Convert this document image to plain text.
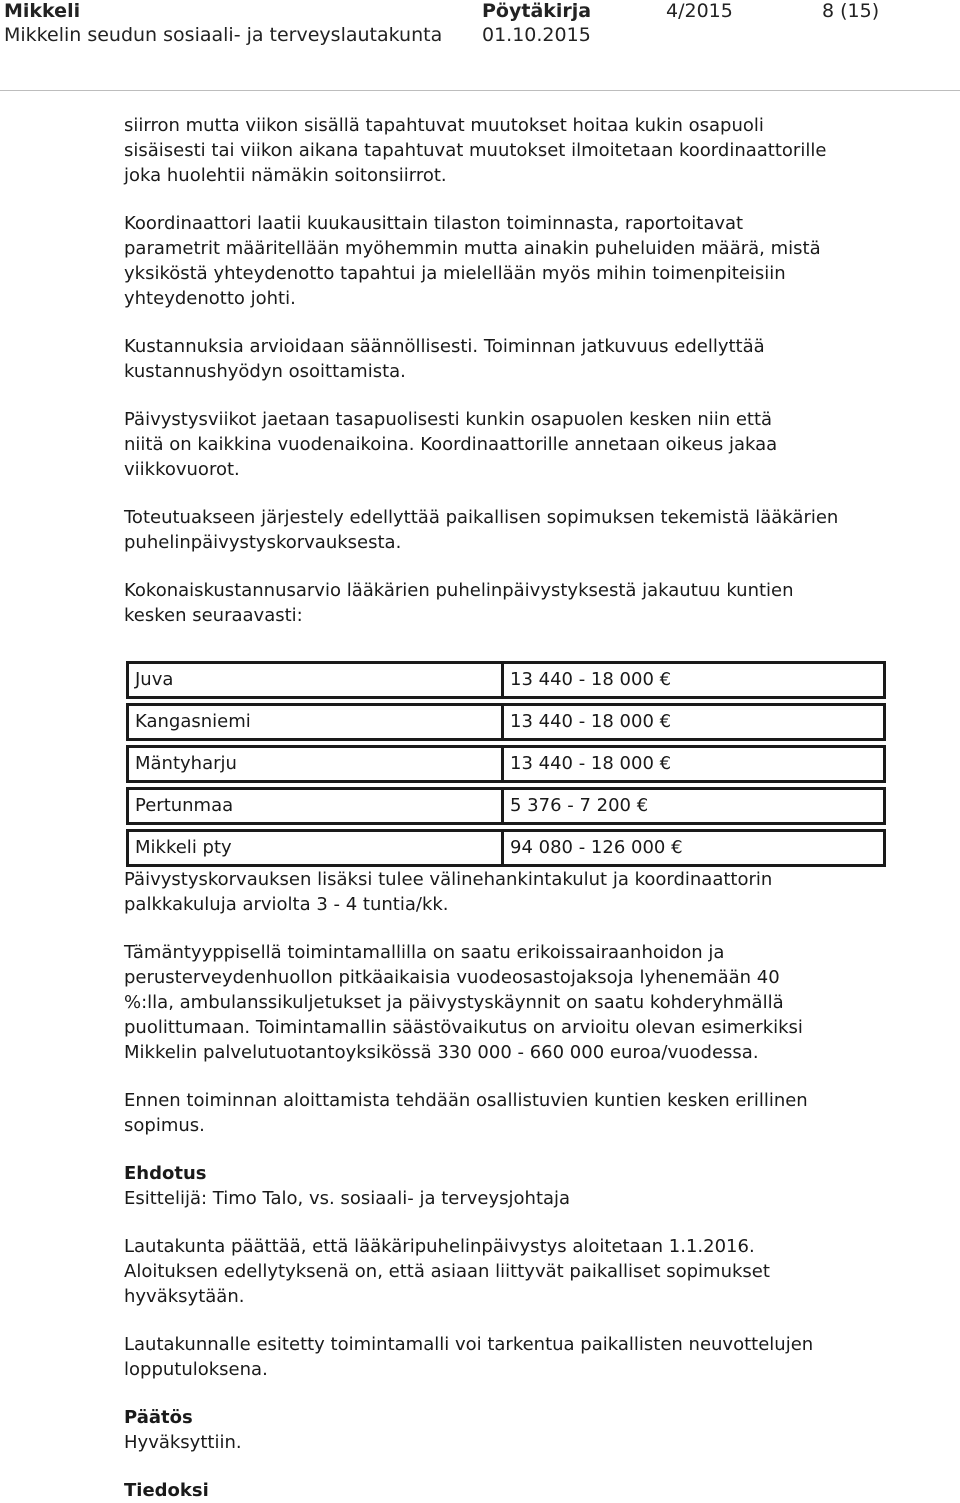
Mikkeli
Mikkelin seudun sosiaali- ja terveyslautakunta
Pöytäkirja
01.10.2015
4/2015	8 (15)

siirron mutta viikon sisällä tapahtuvat muutokset hoitaa kukin osapuoli
sisäisesti tai viikon aikana tapahtuvat muutokset ilmoitetaan koordinaattorille
joka huolehtii nämäkin soitonsiirrot.

Koordinaattori laatii kuukausittain tilaston toiminnasta, raportoitavat
parametrit määritellään myöhemmin mutta ainakin puheluiden määrä, mistä
yksiköstä yhteydenotto tapahtui ja mielellään myös mihin toimenpiteisiin
yhteydenotto johti.

Kustannuksia arvioidaan säännöllisesti. Toiminnan jatkuvuus edellyttää
kustannushyödyn osoittamista.

Päivystysviikot jaetaan tasapuolisesti kunkin osapuolen kesken niin että
niitä on kaikkina vuodenaikoina. Koordinaattorille annetaan oikeus jakaa
viikkovuorot.

Toteutuakseen järjestely edellyttää paikallisen sopimuksen tekemistä lääkärien
puhelinpäivystyskorvauksesta.

Kokonaiskustannusarvio lääkärien puhelinpäivystyksestä jakautuu kuntien
kesken seuraavasti:

Juva	13 440 - 18 000 €

Kangasniemi	13 440 - 18 000 €

Mäntyharju	13 440 - 18 000 €

Pertunmaa	5 376 - 7 200 €

Mikkeli pty	94 080 - 126 000 €

Päivystyskorvauksen lisäksi tulee välinehankintakulut ja koordinaattorin
palkkakuluja arviolta 3 - 4 tuntia/kk.

Tämäntyyppisellä toimintamallilla on saatu erikoissairaanhoidon ja
perusterveydenhuollon pitkäaikaisia vuodeosastojaksoja lyhenemään 40
%:lla, ambulanssikuljetukset ja päivystyskäynnit on saatu kohderyhmällä
puolittumaan. Toimintamallin säästövaikutus on arvioitu olevan esimerkiksi
Mikkelin palvelutuotantoyksikössä 330 000 - 660 000 euroa/vuodessa.

Ennen toiminnan aloittamista tehdään osallistuvien kuntien kesken erillinen
sopimus.

Ehdotus

Esittelijä: Timo Talo, vs. sosiaali- ja terveysjohtaja

Lautakunta päättää, että lääkäripuhelinpäivystys aloitetaan 1.1.2016.
Aloituksen edellytyksenä on, että asiaan liittyvät paikalliset sopimukset
hyväksytään.

Lautakunnalle esitetty toimintamalli voi tarkentua paikallisten neuvottelujen
lopputuloksena.

Päätös

Hyväksyttiin.

Tiedoksi
